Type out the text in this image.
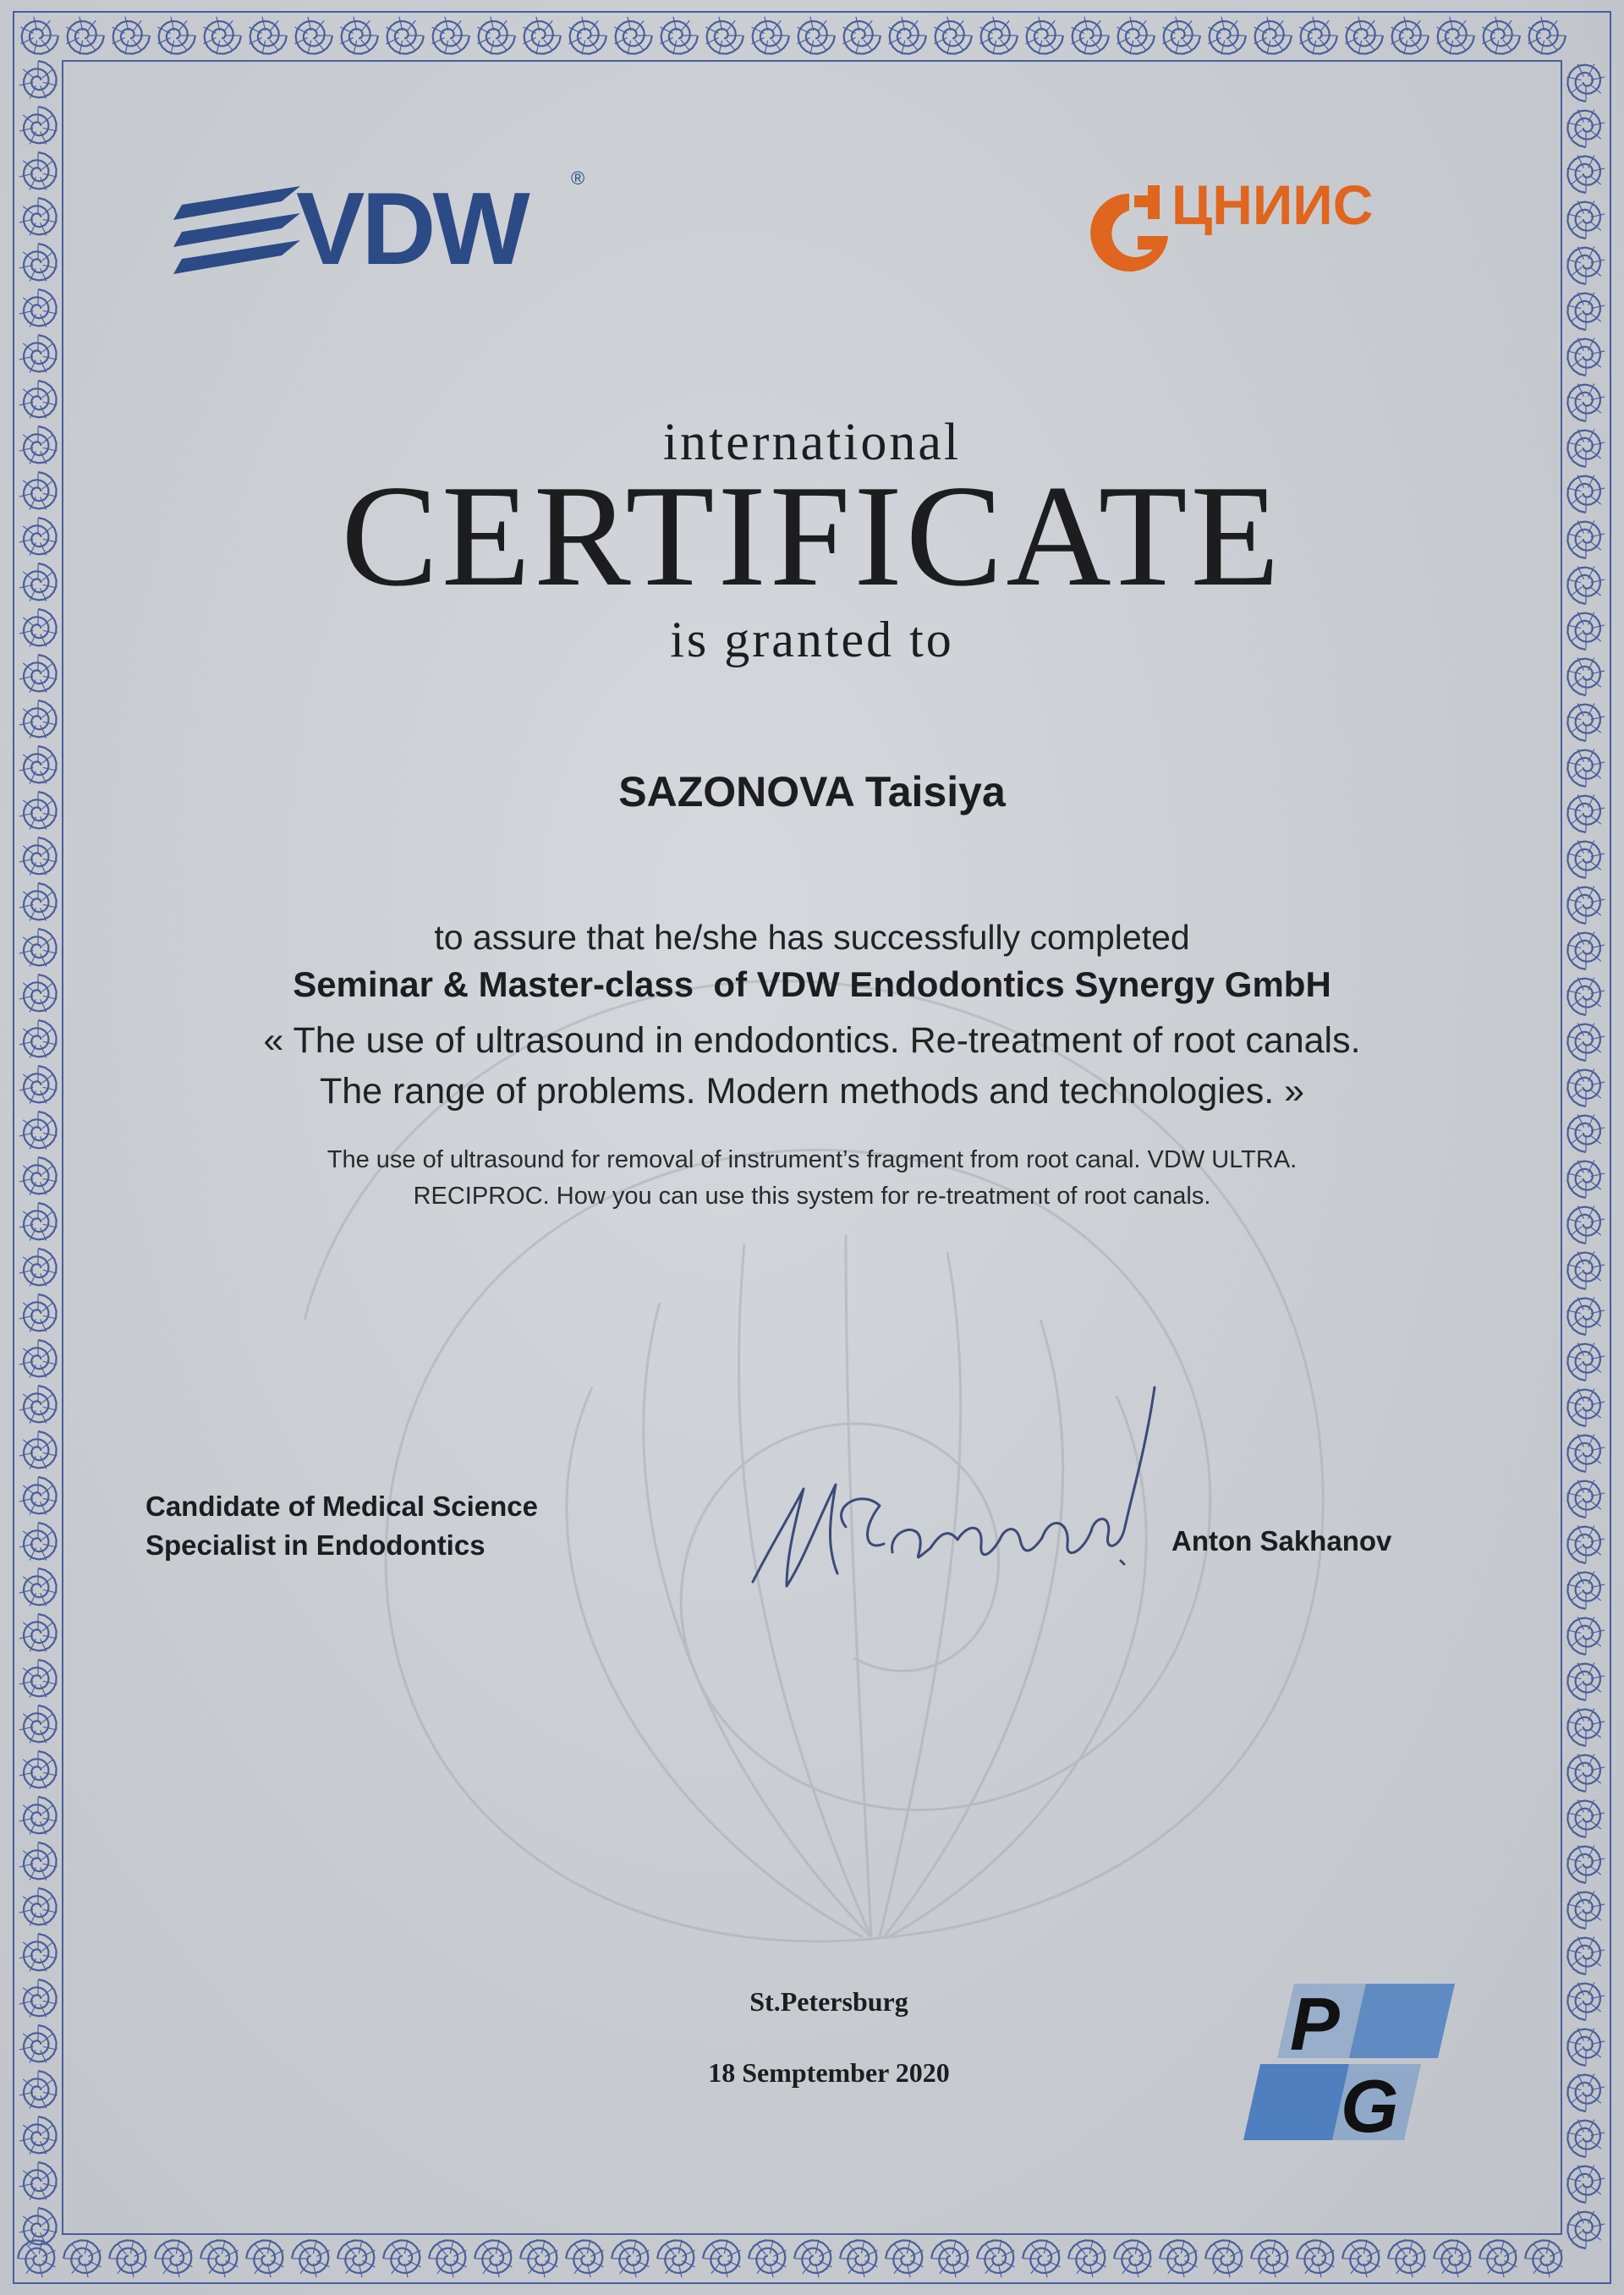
VDW ®	ЦНИИС
international
CERTIFICATE
is granted to
SAZONOVA Taisiya
to assure that he/she has successfully completed
Seminar & Master-class  of VDW Endodontics Synergy GmbH
« The use of ultrasound in endodontics. Re-treatment of root canals.
The range of problems. Modern methods and technologies. »
The use of ultrasound for removal of instrument’s fragment from root canal. VDW ULTRA.
RECIPROC. How you can use this system for re-treatment of root canals.
Candidate of Medical Science
Specialist in Endodontics	Anton Sakhanov
St.Petersburg
18 Semptember 2020
P
G
